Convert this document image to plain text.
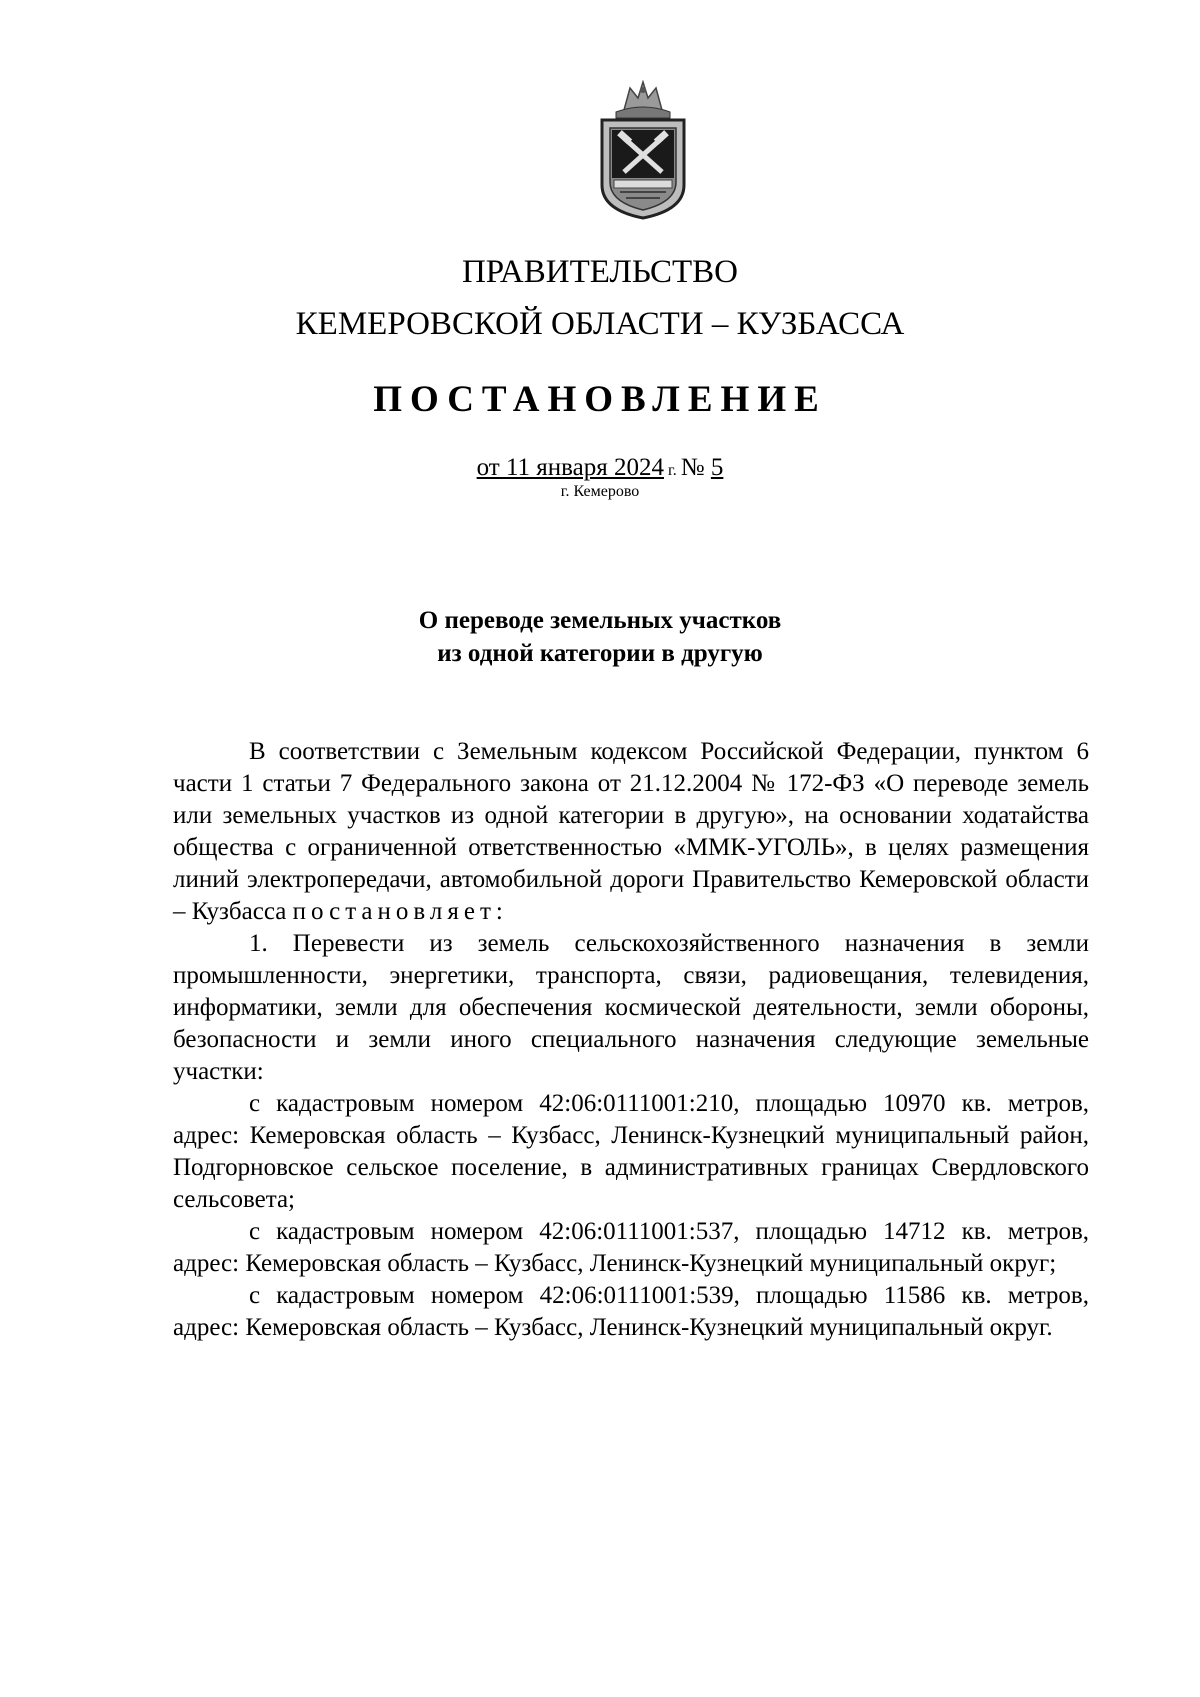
ПРАВИТЕЛЬСТВО
КЕМЕРОВСКОЙ ОБЛАСТИ – КУЗБАССА
ПОСТАНОВЛЕНИЕ
от 11 января 2024 г. № 5
г. Кемерово
О переводе земельных участков
из одной категории в другую

В соответствии с Земельным кодексом Российской Федерации, пунктом 6 части 1 статьи 7 Федерального закона от 21.12.2004 № 172-ФЗ «О переводе земель или земельных участков из одной категории в другую», на основании ходатайства общества с ограниченной ответственностью «ММК-УГОЛЬ», в целях размещения линий электропередачи, автомобильной дороги Правительство Кемеровской области – Кузбасса постановляет:

1. Перевести из земель сельскохозяйственного назначения в земли промышленности, энергетики, транспорта, связи, радиовещания, телевидения, информатики, земли для обеспечения космической деятельности, земли обороны, безопасности и земли иного специального назначения следующие земельные участки:

с кадастровым номером 42:06:0111001:210, площадью 10970 кв. метров, адрес: Кемеровская область – Кузбасс, Ленинск-Кузнецкий муниципальный район, Подгорновское сельское поселение, в административных границах Свердловского сельсовета;

с кадастровым номером 42:06:0111001:537, площадью 14712 кв. метров, адрес: Кемеровская область – Кузбасс, Ленинск-Кузнецкий муниципальный округ;

с кадастровым номером 42:06:0111001:539, площадью 11586 кв. метров, адрес: Кемеровская область – Кузбасс, Ленинск-Кузнецкий муниципальный округ.
